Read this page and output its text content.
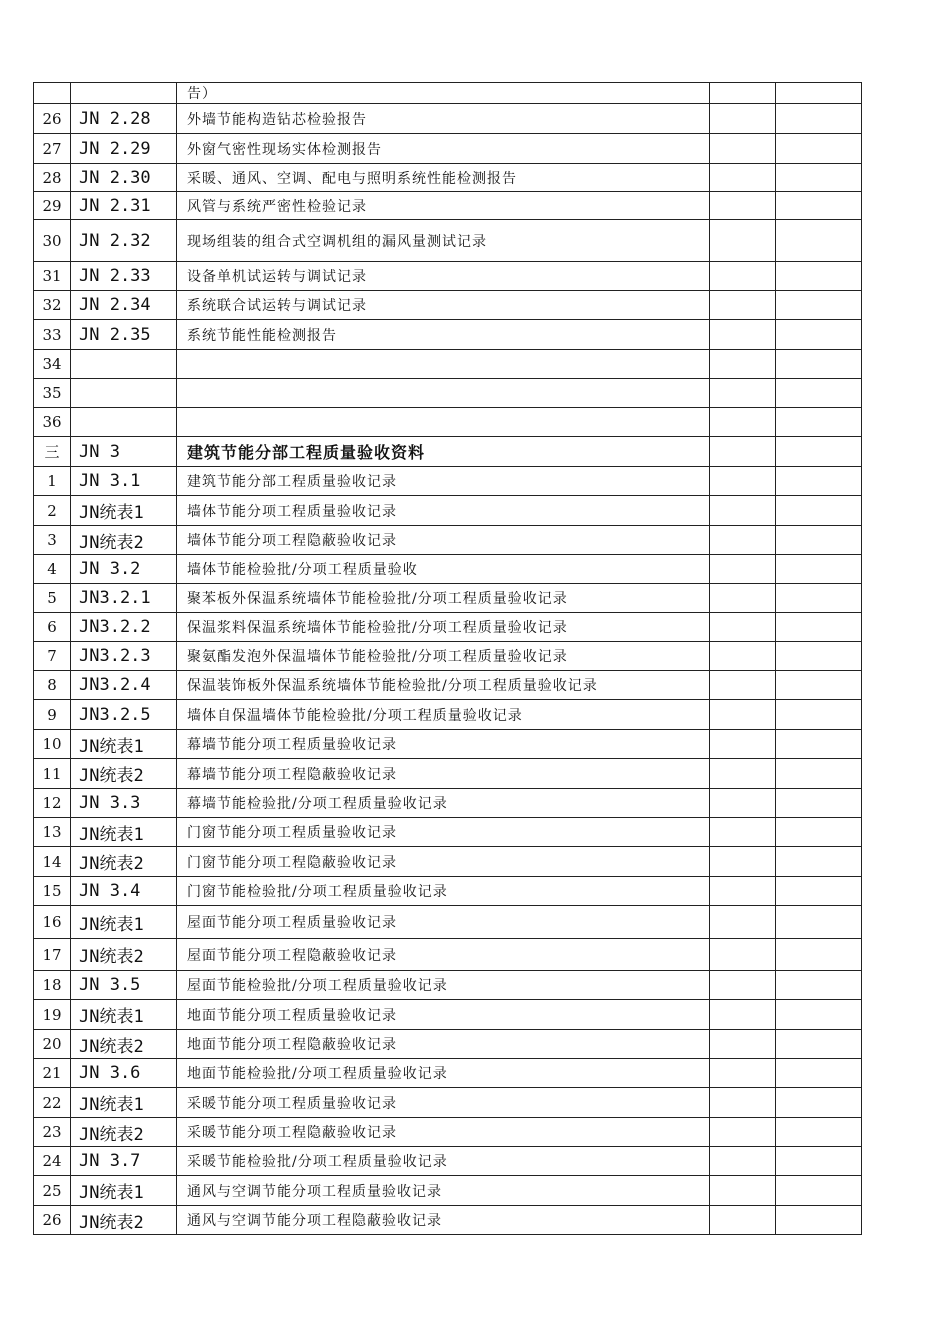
		告）		
26	JN 2.28	外墙节能构造钻芯检验报告		
27	JN 2.29	外窗气密性现场实体检测报告		
28	JN 2.30	采暖、通风、空调、配电与照明系统性能检测报告		
29	JN 2.31	风管与系统严密性检验记录		
30	JN 2.32	现场组装的组合式空调机组的漏风量测试记录		
31	JN 2.33	设备单机试运转与调试记录		
32	JN 2.34	系统联合试运转与调试记录		
33	JN 2.35	系统节能性能检测报告		
34				
35				
36				
三	JN 3	建筑节能分部工程质量验收资料		
1	JN 3.1	建筑节能分部工程质量验收记录		
2	JN统表1	墙体节能分项工程质量验收记录		
3	JN统表2	墙体节能分项工程隐蔽验收记录		
4	JN 3.2	墙体节能检验批/分项工程质量验收		
5	JN3.2.1	聚苯板外保温系统墙体节能检验批/分项工程质量验收记录		
6	JN3.2.2	保温浆料保温系统墙体节能检验批/分项工程质量验收记录		
7	JN3.2.3	聚氨酯发泡外保温墙体节能检验批/分项工程质量验收记录		
8	JN3.2.4	保温装饰板外保温系统墙体节能检验批/分项工程质量验收记录		
9	JN3.2.5	墙体自保温墙体节能检验批/分项工程质量验收记录		
10	JN统表1	幕墙节能分项工程质量验收记录		
11	JN统表2	幕墙节能分项工程隐蔽验收记录		
12	JN 3.3	幕墙节能检验批/分项工程质量验收记录		
13	JN统表1	门窗节能分项工程质量验收记录		
14	JN统表2	门窗节能分项工程隐蔽验收记录		
15	JN 3.4	门窗节能检验批/分项工程质量验收记录		
16	JN统表1	屋面节能分项工程质量验收记录		
17	JN统表2	屋面节能分项工程隐蔽验收记录		
18	JN 3.5	屋面节能检验批/分项工程质量验收记录		
19	JN统表1	地面节能分项工程质量验收记录		
20	JN统表2	地面节能分项工程隐蔽验收记录		
21	JN 3.6	地面节能检验批/分项工程质量验收记录		
22	JN统表1	采暖节能分项工程质量验收记录		
23	JN统表2	采暖节能分项工程隐蔽验收记录		
24	JN 3.7	采暖节能检验批/分项工程质量验收记录		
25	JN统表1	通风与空调节能分项工程质量验收记录		
26	JN统表2	通风与空调节能分项工程隐蔽验收记录		
